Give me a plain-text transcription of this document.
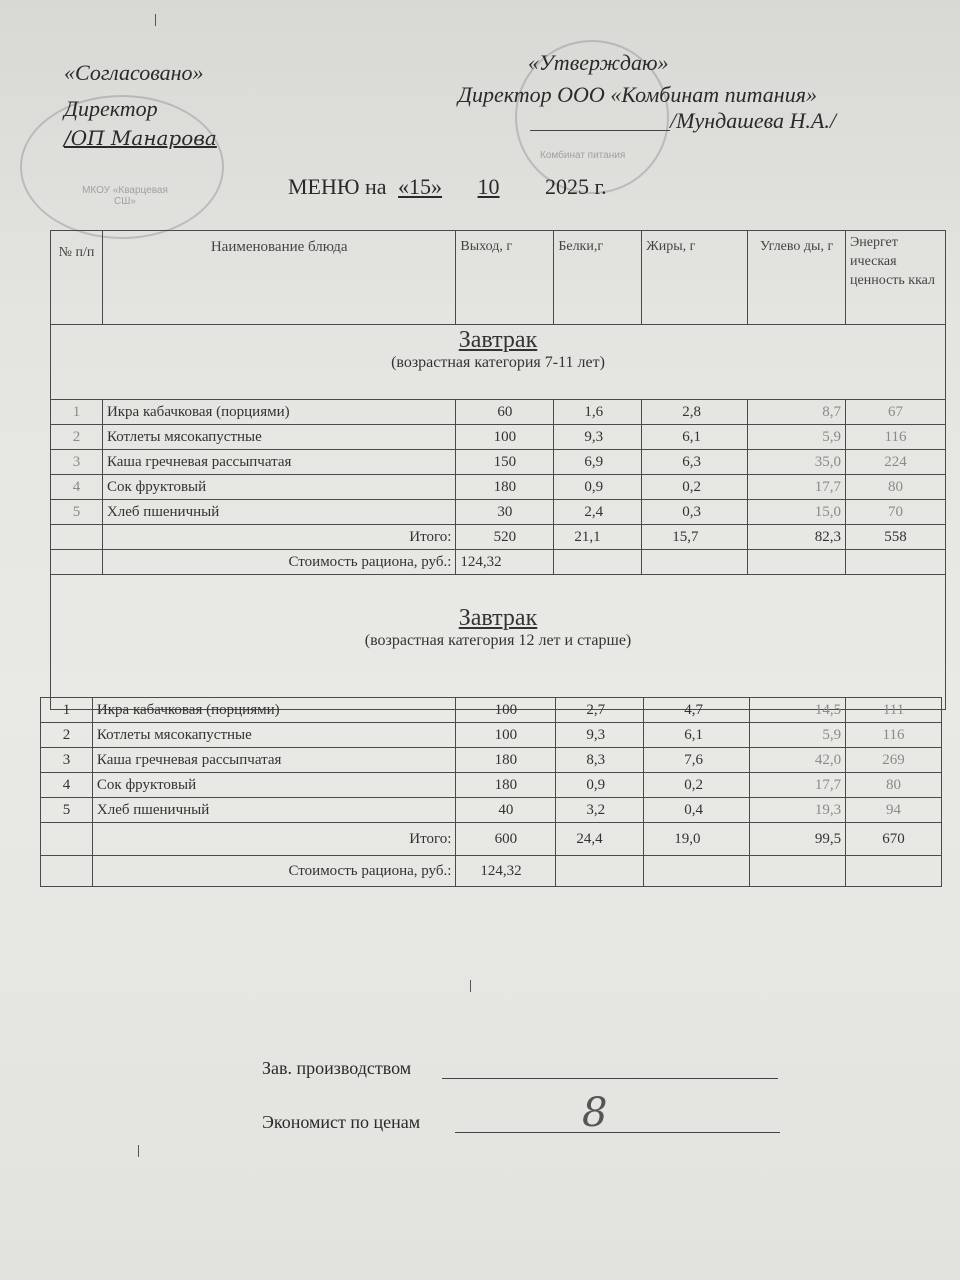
МКОУ «Кварцевая СШ»
Комбинат питания
«Согласовано»
Директор
/ОП Манарова
«Утверждаю»
Директор ООО «Комбинат питания»
/Мундашева Н.А./
МЕНЮ на «15» 10 2025 г.
№ п/п	Наименование блюда	Выход, г	Белки,г	Жиры, г	Углево ды, г	Энергет ическая ценность ккал

Завтрак
(возрастная категория 7-11 лет)						

1	Икра кабачковая (порциями)	60	1,6	2,8	8,7	67
2	Котлеты мясокапустные	100	9,3	6,1	5,9	116
3	Каша гречневая рассыпчатая	150	6,9	6,3	35,0	224
4	Сок фруктовый	180	0,9	0,2	17,7	80
5	Хлеб пшеничный	30	2,4	0,3	15,0	70
	Итого:	520	21,1	15,7	82,3	558
	Стоимость рациона, руб.:	124,32				

Завтрак
(возрастная категория 12 лет и старше)						
1	Икра кабачковая (порциями)	100	2,7	4,7	14,5	111
2	Котлеты мясокапустные	100	9,3	6,1	5,9	116
3	Каша гречневая рассыпчатая	180	8,3	7,6	42,0	269
4	Сок фруктовый	180	0,9	0,2	17,7	80
5	Хлеб пшеничный	40	3,2	0,4	19,3	94
	Итого:	600	24,4	19,0	99,5	670
	Стоимость рациона, руб.:	124,32				
Зав. производством
Экономист по ценам	8
